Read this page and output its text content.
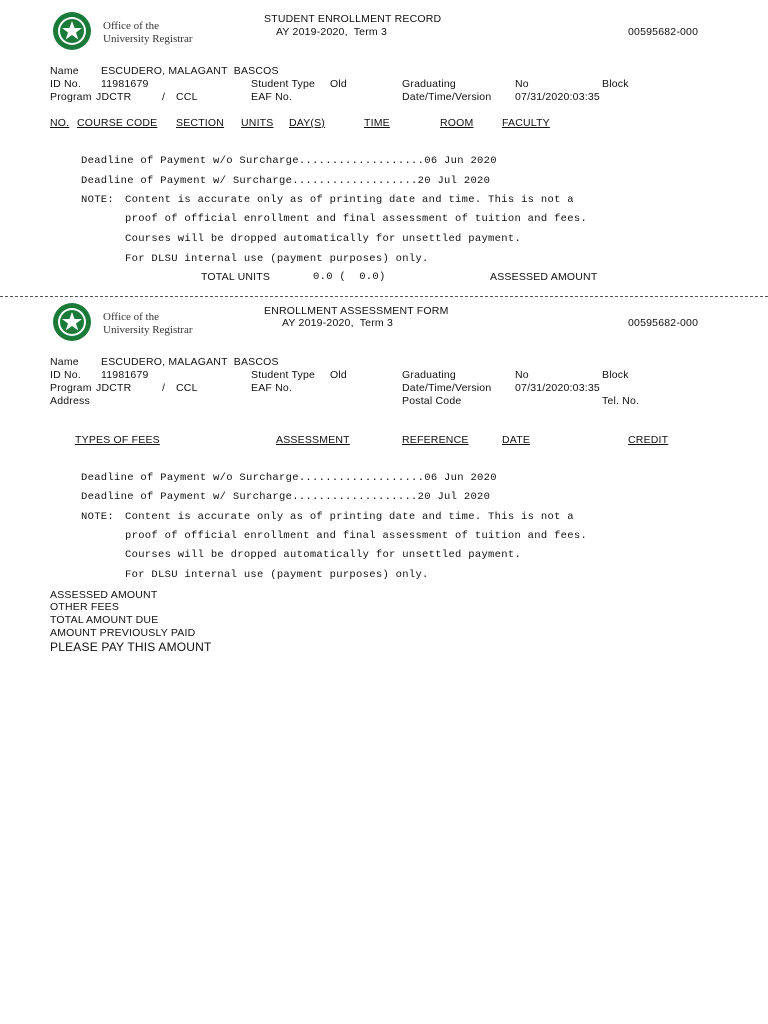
Office of the
University Registrar
STUDENT ENROLLMENT RECORD
AY 2019-2020,  Term 3	00595682-000
Name ESCUDERO, MALAGANT  BASCOS
ID No. 11981679	Student Type Old	Graduating	No	Block
Program JDCTR	/ CCL	EAF No.	Date/Time/Version 07/31/2020:03:35
NO. COURSE CODE SECTION UNITS DAY(S)	TIME	ROOM	FACULTY
Deadline of Payment w/o Surcharge...................06 Jun 2020
Deadline of Payment w/ Surcharge...................20 Jul 2020
NOTE: Content is accurate only as of printing date and time. This is not a
proof of official enrollment and final assessment of tuition and fees.
Courses will be dropped automatically for unsettled payment.
For DLSU internal use (payment purposes) only.
TOTAL UNITS	0.0 (  0.0)	ASSESSED AMOUNT
Office of the
University Registrar
ENROLLMENT ASSESSMENT FORM
AY 2019-2020,  Term 3	00595682-000
Name ESCUDERO, MALAGANT  BASCOS
ID No. 11981679	Student Type Old	Graduating	No	Block
Program JDCTR	/ CCL	EAF No.	Date/Time/Version 07/31/2020:03:35
Address	Postal Code	Tel. No.
TYPES OF FEES	ASSESSMENT	REFERENCE	DATE	CREDIT
Deadline of Payment w/o Surcharge...................06 Jun 2020
Deadline of Payment w/ Surcharge...................20 Jul 2020
NOTE: Content is accurate only as of printing date and time. This is not a
proof of official enrollment and final assessment of tuition and fees.
Courses will be dropped automatically for unsettled payment.
For DLSU internal use (payment purposes) only.
ASSESSED AMOUNT
OTHER FEES
TOTAL AMOUNT DUE
AMOUNT PREVIOUSLY PAID
PLEASE PAY THIS AMOUNT
